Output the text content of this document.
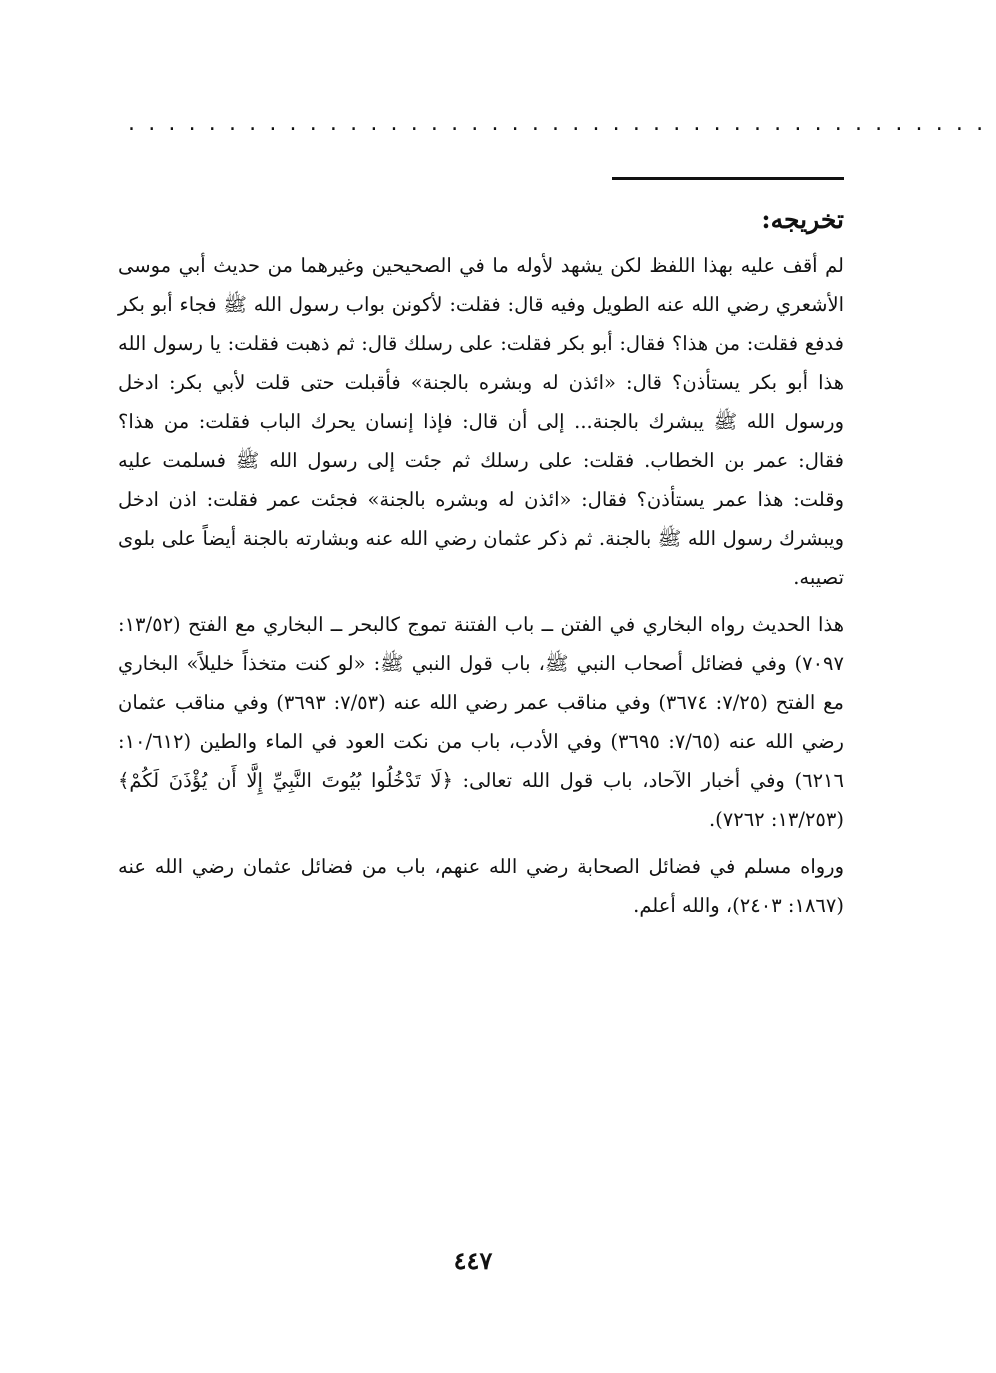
...........................................
تخريجه:

لم أقف عليه بهذا اللفظ لكن يشهد لأوله ما في الصحيحين وغيرهما من حديث أبي موسى الأشعري رضي الله عنه الطويل وفيه قال: فقلت: لأكونن بواب رسول الله ﷺ فجاء أبو بكر فدفع فقلت: من هذا؟ فقال: أبو بكر فقلت: على رسلك قال: ثم ذهبت فقلت: يا رسول الله هذا أبو بكر يستأذن؟ قال: «ائذن له وبشره بالجنة» فأقبلت حتى قلت لأبي بكر: ادخل ورسول الله ﷺ يبشرك بالجنة... إلى أن قال: فإذا إنسان يحرك الباب فقلت: من هذا؟ فقال: عمر بن الخطاب. فقلت: على رسلك ثم جئت إلى رسول الله ﷺ فسلمت عليه وقلت: هذا عمر يستأذن؟ فقال: «ائذن له وبشره بالجنة» فجئت عمر فقلت: اذن ادخل ويبشرك رسول الله ﷺ بالجنة. ثم ذكر عثمان رضي الله عنه وبشارته بالجنة أيضاً على بلوى تصيبه.

هذا الحديث رواه البخاري في الفتن ــ باب الفتنة تموج كالبحر ــ البخاري مع الفتح (١٣/٥٢: ٧٠٩٧) وفي فضائل أصحاب النبي ﷺ، باب قول النبي ﷺ: «لو كنت متخذاً خليلاً» البخاري مع الفتح (٧/٢٥: ٣٦٧٤) وفي مناقب عمر رضي الله عنه (٧/٥٣: ٣٦٩٣) وفي مناقب عثمان رضي الله عنه (٧/٦٥: ٣٦٩٥) وفي الأدب، باب من نكت العود في الماء والطين (١٠/٦١٢: ٦٢١٦) وفي أخبار الآحاد، باب قول الله تعالى: ﴿لَا تَدْخُلُوا بُيُوتَ النَّبِيِّ إِلَّا أَن يُؤْذَنَ لَكُمْ﴾ (١٣/٢٥٣: ٧٢٦٢).

ورواه مسلم في فضائل الصحابة رضي الله عنهم، باب من فضائل عثمان رضي الله عنه (١٨٦٧: ٢٤٠٣)، والله أعلم.

٤٤٧
